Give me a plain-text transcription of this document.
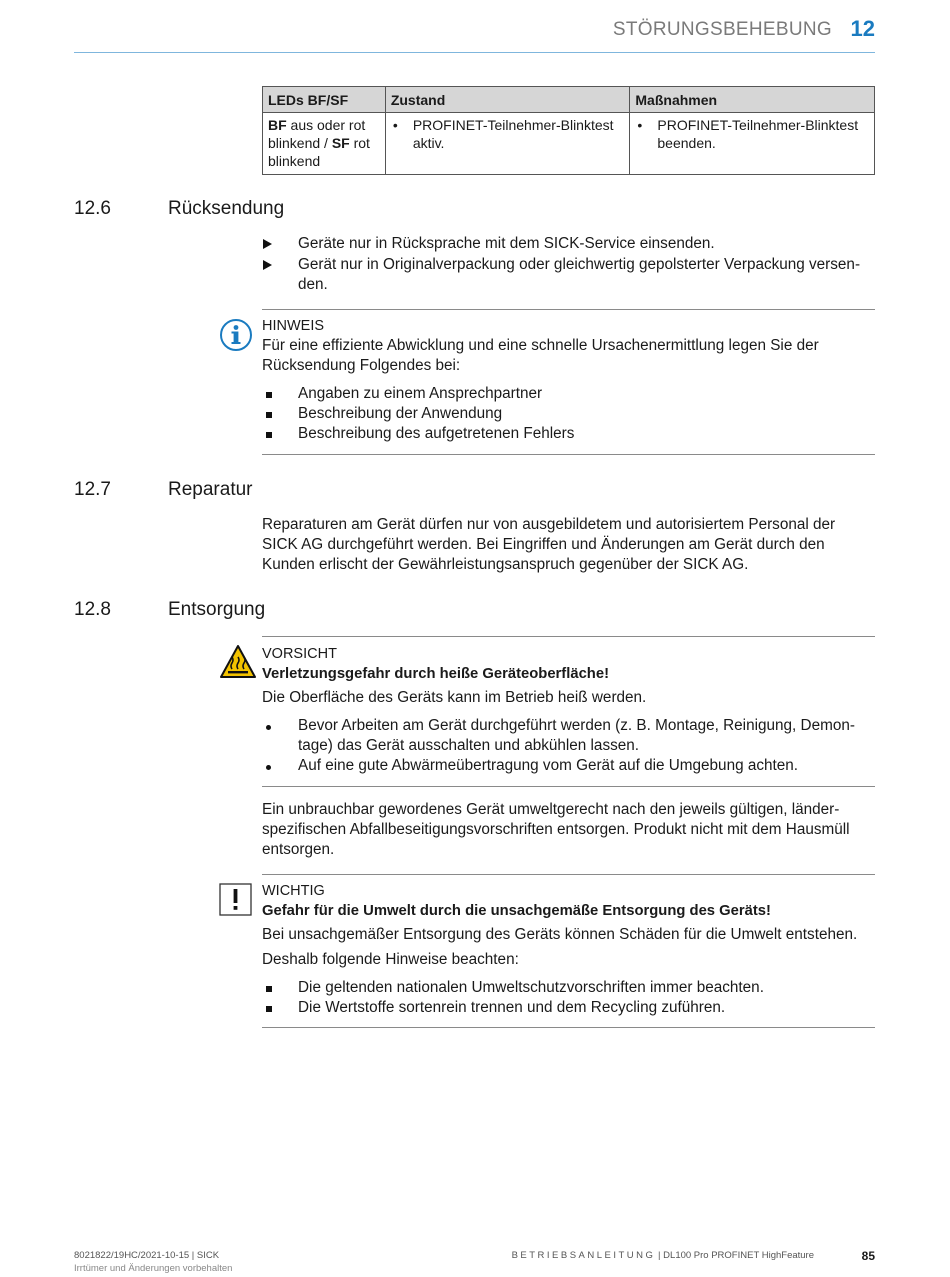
STÖRUNGSBEHEBUNG 12
LEDs BF/SF	Zustand	Maßnahmen
BF aus oder rot blinkend / SF rot blinkend	• PROFINET-Teilnehmer-Blinktest aktiv.	• PROFINET-Teilnehmer-Blinktest beenden.
12.6	Rücksendung
Geräte nur in Rücksprache mit dem SICK-Service einsenden.
Gerät nur in Originalverpackung oder gleichwertig gepolsterter Verpackung versen-den.
HINWEIS
Für eine effiziente Abwicklung und eine schnelle Ursachenermittlung legen Sie der Rücksendung Folgendes bei:
Angaben zu einem Ansprechpartner
Beschreibung der Anwendung
Beschreibung des aufgetretenen Fehlers
12.7	Reparatur
Reparaturen am Gerät dürfen nur von ausgebildetem und autorisiertem Personal der SICK AG durchgeführt werden. Bei Eingriffen und Änderungen am Gerät durch den Kunden erlischt der Gewährleistungsanspruch gegenüber der SICK AG.
12.8	Entsorgung
VORSICHT
Verletzungsgefahr durch heiße Geräteoberfläche!
Die Oberfläche des Geräts kann im Betrieb heiß werden.
Bevor Arbeiten am Gerät durchgeführt werden (z. B. Montage, Reinigung, Demon-tage) das Gerät ausschalten und abkühlen lassen.
Auf eine gute Abwärmeübertragung vom Gerät auf die Umgebung achten.
Ein unbrauchbar gewordenes Gerät umweltgerecht nach den jeweils gültigen, länder-spezifischen Abfallbeseitigungsvorschriften entsorgen. Produkt nicht mit dem Hausmüll entsorgen.
WICHTIG
Gefahr für die Umwelt durch die unsachgemäße Entsorgung des Geräts!
Bei unsachgemäßer Entsorgung des Geräts können Schäden für die Umwelt entstehen.
Deshalb folgende Hinweise beachten:
Die geltenden nationalen Umweltschutzvorschriften immer beachten.
Die Wertstoffe sortenrein trennen und dem Recycling zuführen.
8021822/19HC/2021-10-15 | SICK
Irrtümer und Änderungen vorbehalten
BETRIEBSANLEITUNG | DL100 Pro PROFINET HighFeature	85
